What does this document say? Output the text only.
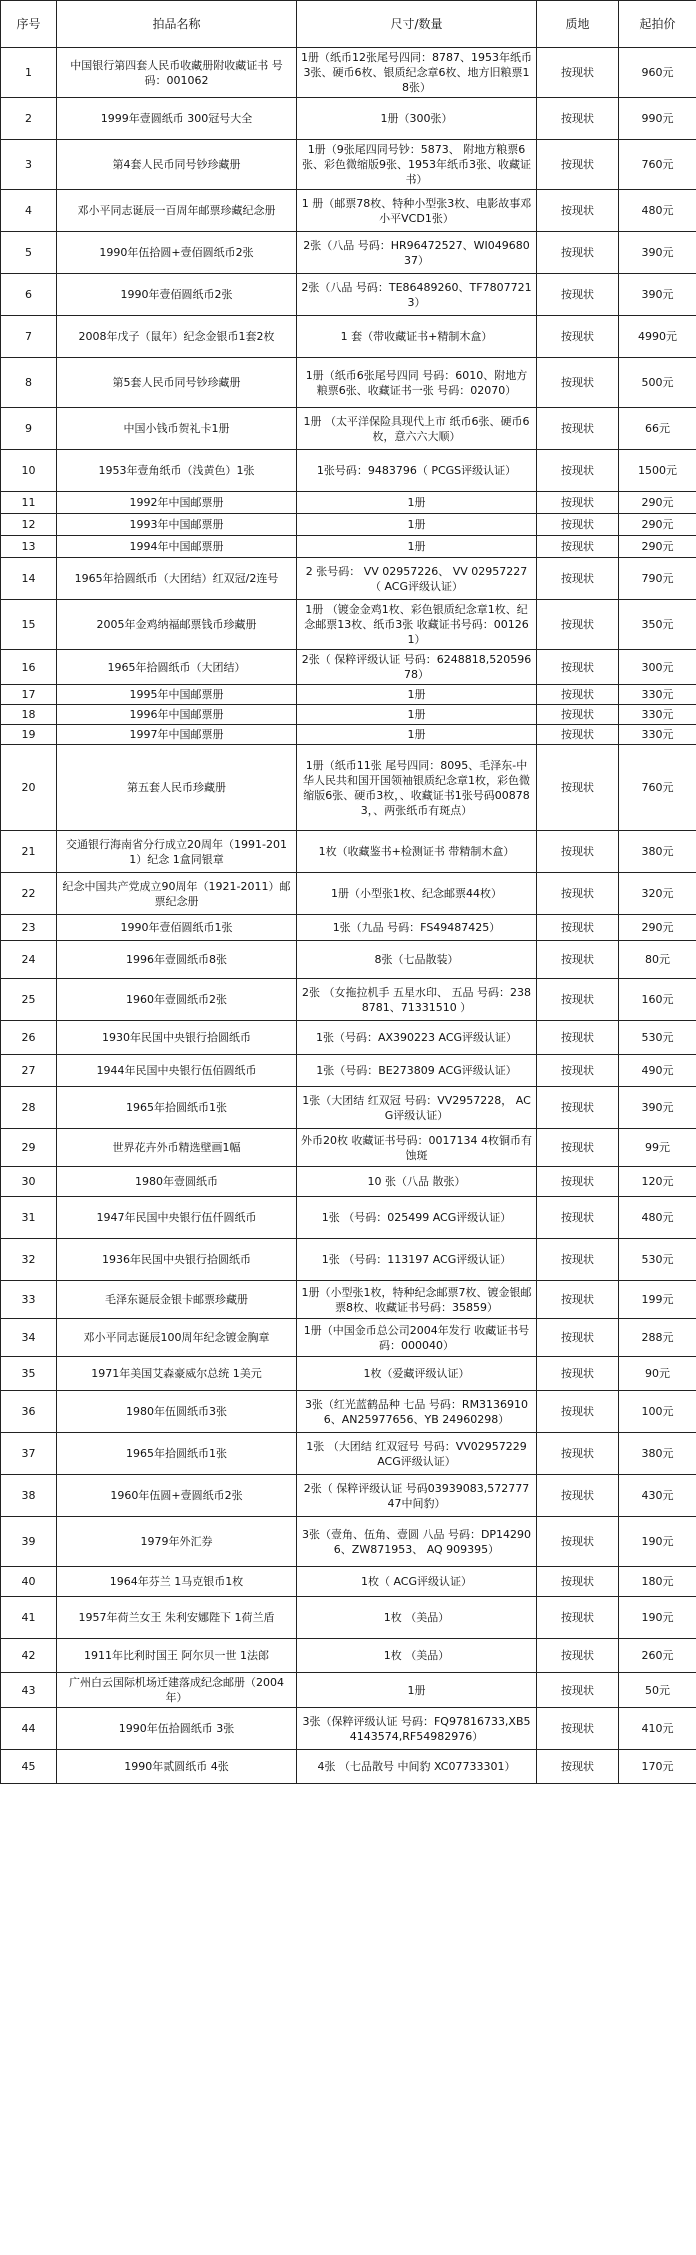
序号	拍品名称	尺寸/数量	质地	起拍价
1	中国银行第四套人民币收藏册附收藏证书 号码：001062	1册（纸币12张尾号四同：8787、1953年纸币3张、硬币6枚、银质纪念章6枚、地方旧粮票18张）	按现状	960元
2	1999年壹圆纸币 300冠号大全	1册（300张）	按现状	990元
3	第4套人民币同号钞珍藏册	1册（9张尾四同号钞：5873、 附地方粮票6张、彩色微缩版9张、1953年纸币3张、收藏证书）	按现状	760元
4	邓小平同志诞辰一百周年邮票珍藏纪念册	1 册（邮票78枚、特种小型张3枚、电影故事邓小平VCD1张）	按现状	480元
5	1990年伍拾圆+壹佰圆纸币2张	2张（八品 号码：HR96472527、WI04968037）	按现状	390元
6	1990年壹佰圆纸币2张	2张（八品 号码：TE86489260、TF78077213）	按现状	390元
7	2008年戊子（鼠年）纪念金银币1套2枚	1 套（带收藏证书+精制木盒）	按现状	4990元
8	第5套人民币同号钞珍藏册	1册（纸币6张尾号四同 号码：6010、附地方粮票6张、收藏证书一张 号码：02070）	按现状	500元
9	中国小钱币贺礼卡1册	1册 （太平洋保险具现代上市 纸币6张、硬币6枚，意六六大顺）	按现状	66元
10	1953年壹角纸币（浅黄色）1张	1张号码：9483796（ PCGS评级认证）	按现状	1500元
11	1992年中国邮票册	1册	按现状	290元
12	1993年中国邮票册	1册	按现状	290元
13	1994年中国邮票册	1册	按现状	290元
14	1965年拾圆纸币（大团结）红双冠/2连号	2 张号码： VV 02957226、 VV 02957227（ ACG评级认证）	按现状	790元
15	2005年金鸡纳福邮票钱币珍藏册	1册 （镀金金鸡1枚、彩色银质纪念章1枚、纪念邮票13枚、纸币3张 收藏证书号码：001261）	按现状	350元
16	1965年拾圆纸币（大团结）	2张（ 保粹评级认证 号码：6248818,52059678）	按现状	300元
17	1995年中国邮票册	1册	按现状	330元
18	1996年中国邮票册	1册	按现状	330元
19	1997年中国邮票册	1册	按现状	330元
20	第五套人民币珍藏册	1册（纸币11张 尾号四同：8095、毛泽东-中华人民共和国开国领袖银质纪念章1枚，彩色微缩版6张、硬币3枚，、收藏证书1张号码008783，、两张纸币有斑点）	按现状	760元
21	交通银行海南省分行成立20周年（1991-2011）纪念 1盒同银章	1枚（收藏鉴书+检测证书 带精制木盒）	按现状	380元
22	纪念中国共产党成立90周年（1921-2011）邮票纪念册	1册（小型张1枚、纪念邮票44枚）	按现状	320元
23	1990年壹佰圆纸币1张	1张（九品 号码：FS49487425）	按现状	290元
24	1996年壹圆纸币8张	8张（七品散装）	按现状	80元
25	1960年壹圆纸币2张	2张 （女拖拉机手 五星水印、 五品 号码：2388781、71331510 ）	按现状	160元
26	1930年民国中央银行拾圆纸币	1张（号码：AX390223 ACG评级认证）	按现状	530元
27	1944年民国中央银行伍佰圆纸币	1张（号码：BE273809 ACG评级认证）	按现状	490元
28	1965年拾圆纸币1张	1张（大团结 红双冠 号码：VV2957228， ACG评级认证）	按现状	390元
29	世界花卉外币精选壁画1幅	外币20枚 收藏证书号码：0017134 4枚铜币有蚀斑	按现状	99元
30	1980年壹圆纸币	10 张（八品 散张）	按现状	120元
31	1947年民国中央银行伍仟圆纸币	1张 （号码：025499 ACG评级认证）	按现状	480元
32	1936年民国中央银行拾圆纸币	1张 （号码：113197 ACG评级认证）	按现状	530元
33	毛泽东诞辰金银卡邮票珍藏册	1册（小型张1枚，特种纪念邮票7枚、镀金银邮票8枚、收藏证书号码：35859）	按现状	199元
34	邓小平同志诞辰100周年纪念镀金胸章	1册（中国金币总公司2004年发行 收藏证书号码：000040）	按现状	288元
35	1971年美国艾森豪威尔总统 1美元	1枚（爱藏评级认证）	按现状	90元
36	1980年伍圆纸币3张	3张（红光蓝鹤品种 七品 号码：RM31369106、AN25977656、YB 24960298）	按现状	100元
37	1965年拾圆纸币1张	1张 （大团结 红双冠号 号码：VV02957229 ACG评级认证）	按现状	380元
38	1960年伍圆+壹圆纸币2张	2张（ 保粹评级认证 号码03939083,57277747中间豹）	按现状	430元
39	1979年外汇券	3张（壹角、伍角、壹圆 八品 号码：DP142906、ZW871953、 AQ 909395）	按现状	190元
40	1964年芬兰 1马克银币1枚	1枚（ ACG评级认证）	按现状	180元
41	1957年荷兰女王 朱利安娜陛下 1荷兰盾	1枚 （美品）	按现状	190元
42	1911年比利时国王 阿尔贝一世 1法郎	1枚 （美品）	按现状	260元
43	广州白云国际机场迁建落成纪念邮册（2004年）	1册	按现状	50元
44	1990年伍拾圆纸币 3张	3张（保粹评级认证 号码：FQ97816733,XB54143574,RF54982976）	按现状	410元
45	1990年贰圆纸币 4张	4张 （七品散号 中间豹 XC07733301）	按现状	170元
